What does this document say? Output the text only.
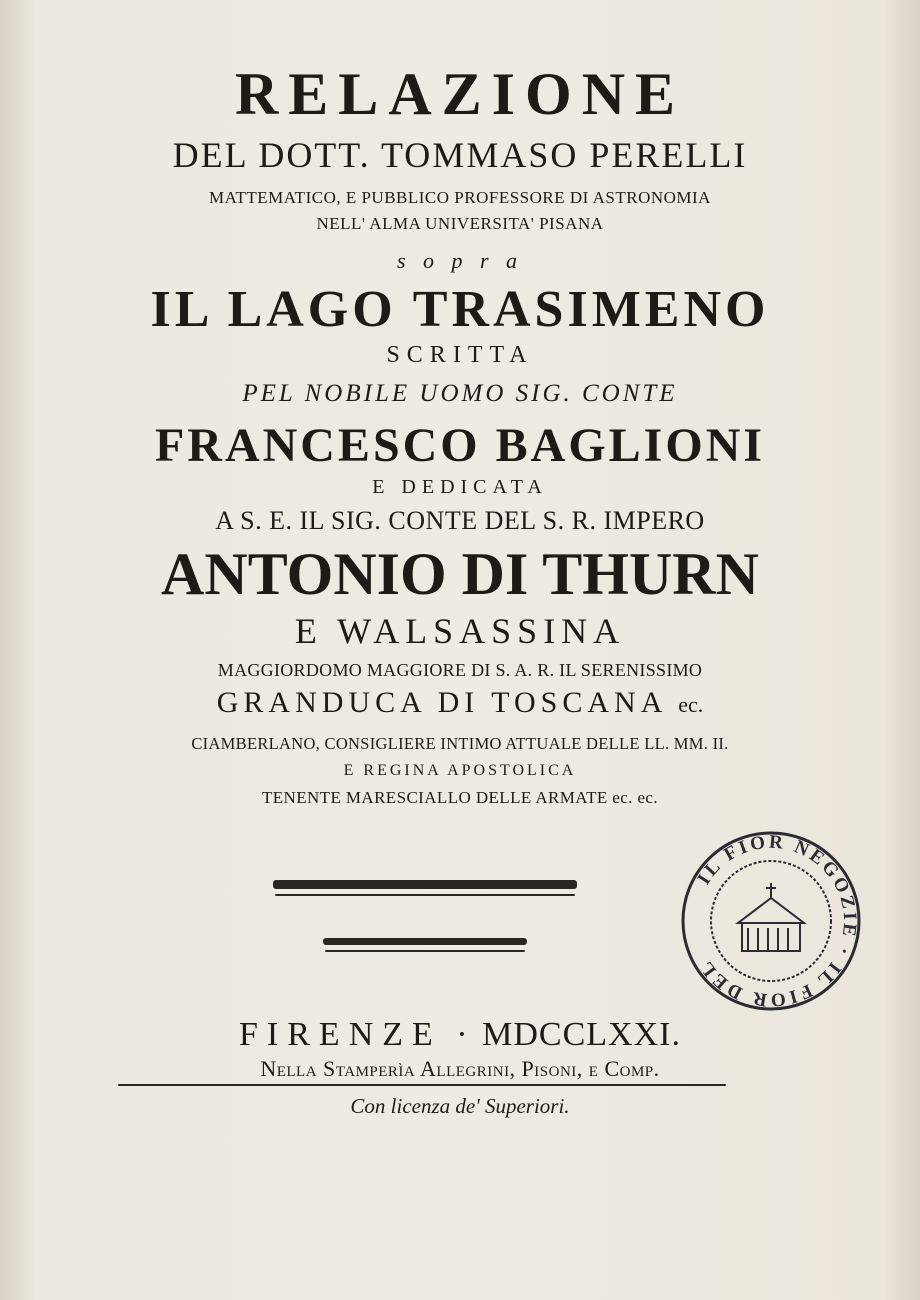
RELAZIONE
DEL DOTT. TOMMASO PERELLI
MATTEMATICO, E PUBBLICO PROFESSORE DI ASTRONOMIA
NELL' ALMA UNIVERSITA' PISANA
s o p r a
IL LAGO TRASIMENO
SCRITTA
PEL NOBILE UOMO SIG. CONTE
FRANCESCO BAGLIONI
E DEDICATA
A S. E. IL SIG. CONTE DEL S. R. IMPERO
ANTONIO DI THURN
E WALSASSINA
MAGGIORDOMO MAGGIORE DI S. A. R. IL SERENISSIMO
GRANDUCA DI TOSCANA ec.
CIAMBERLANO, CONSIGLIERE INTIMO ATTUALE DELLE LL. MM. II.
E REGINA APOSTOLICA
TENENTE MARESCIALLO DELLE ARMATE ec. ec.
IL FIOR NEGOZIE · IL FIOR DEL
FIRENZE · MDCCLXXI.
Nella Stamperìa Allegrini, Pisoni, e Comp.
Con licenza de' Superiori.
